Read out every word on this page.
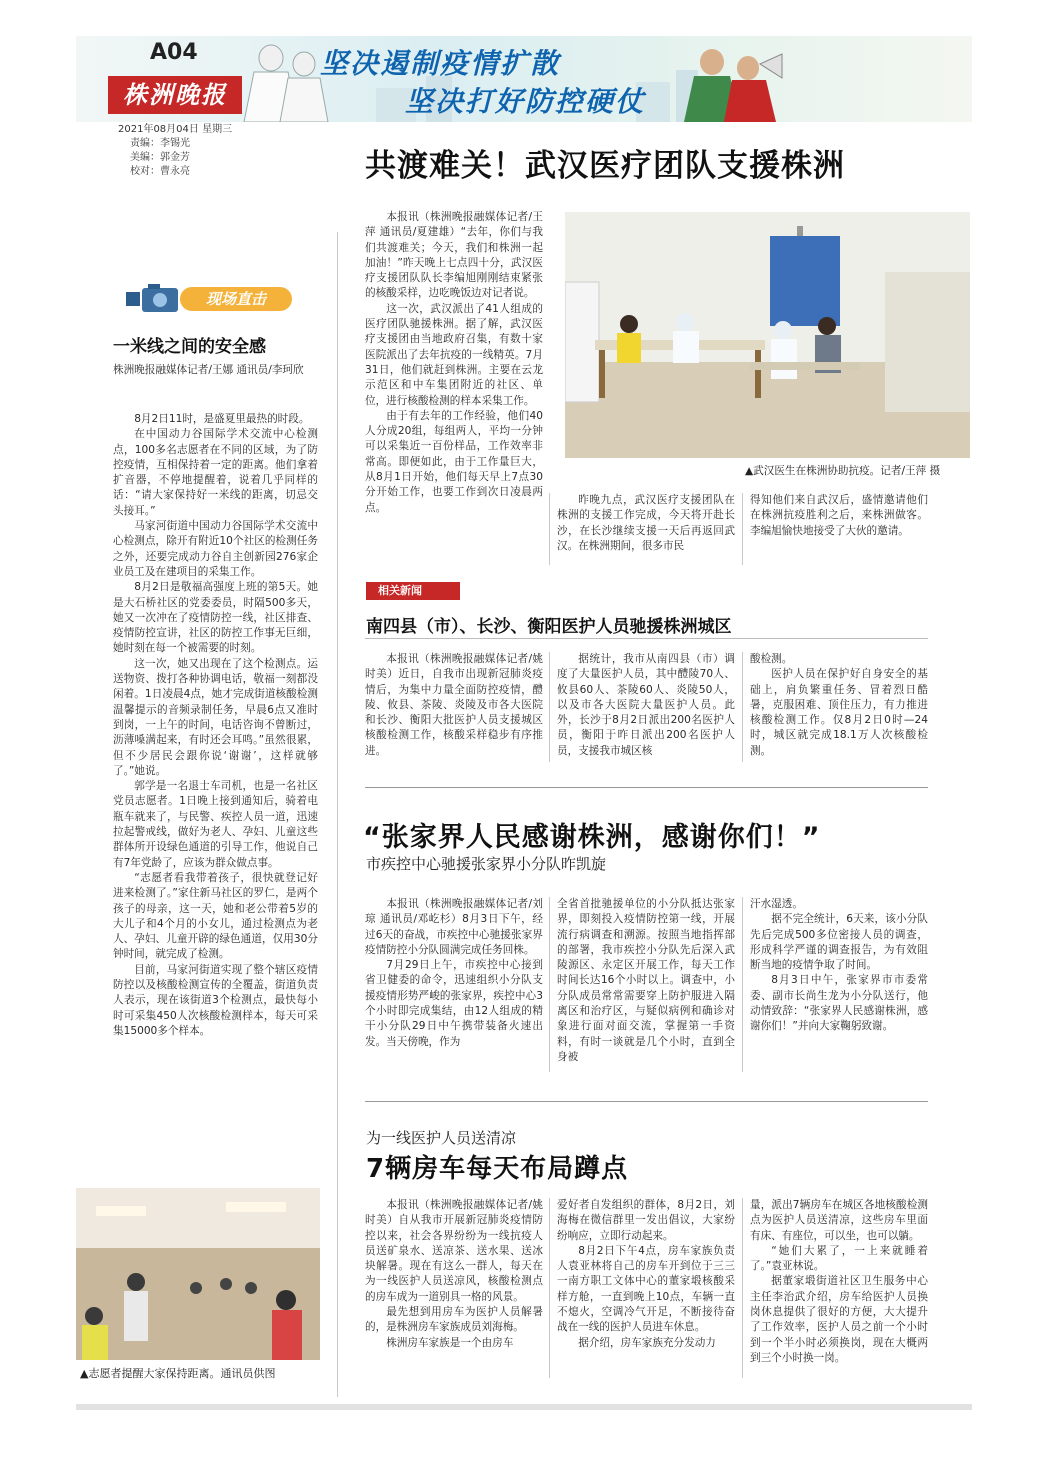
A04
株洲晚报
坚决遏制疫情扩散
坚决打好防控硬仗
2021年08月04日 星期三
责编：李锡光
美编：郭金芳
校对：曹永亮
现场直击
一米线之间的安全感
株洲晚报融媒体记者/王娜 通讯员/李珂欣

8月2日11时，是盛夏里最热的时段。

在中国动力谷国际学术交流中心检测点，100多名志愿者在不同的区域，为了防控疫情，互相保持着一定的距离。他们拿着扩音器，不停地提醒着，说着几乎同样的话：“请大家保持好一米线的距离，切忌交头接耳。”

马家河街道中国动力谷国际学术交流中心检测点，除开有附近10个社区的检测任务之外，还要完成动力谷自主创新园276家企业员工及在建项目的采集工作。

8月2日是敬福高强度上班的第5天。她是大石桥社区的党委委员，时隔500多天，她又一次冲在了疫情防控一线，社区排查、疫情防控宣讲，社区的防控工作事无巨细，她时刻在每一个被需要的时刻。

这一次，她又出现在了这个检测点。运送物资、拨打各种协调电话，敬福一刻都没闲着。1日凌晨4点，她才完成街道核酸检测温馨提示的音频录制任务，早晨6点又准时到岗，一上午的时间，电话咨询不曾断过，沥薄嗓满起来，有时还会耳鸣。”虽然很累，但不少居民会跟你说‘谢谢’，这样就够了。”她说。

郭学是一名退士车司机，也是一名社区党员志愿者。1日晚上接到通知后，骑着电瓶车就来了，与民警、疾控人员一道，迅速拉起警戒线，做好为老人、孕妇、儿童这些群体所开设绿色通道的引导工作，他说自己有7年党龄了，应该为群众做点事。

“志愿者看我带着孩子，很快就登记好进来检测了。”家住新马社区的罗仁，是两个孩子的母亲，这一天，她和老公带着5岁的大儿子和4个月的小女儿，通过检测点为老人、孕妇、儿童开辟的绿色通道，仅用30分钟时间，就完成了检测。

目前，马家河街道实现了整个辖区疫情防控以及核酸检测宣传的全覆盖，街道负责人表示，现在该街道3个检测点，最快每小时可采集450人次核酸检测样本，每天可采集15000多个样本。

▲志愿者提醒大家保持距离。通讯员供图
共渡难关！武汉医疗团队支援株洲

本报讯（株洲晚报融媒体记者/王萍 通讯员/夏建雄）“去年，你们与我们共渡难关；今天，我们和株洲一起加油！”昨天晚上七点四十分，武汉医疗支援团队队长李编旭刚刚结束紧张的核酸采样，边吃晚饭边对记者说。

这一次，武汉派出了41人组成的医疗团队驰援株洲。据了解，武汉医疗支援团由当地政府召集，有数十家医院派出了去年抗疫的一线精英。7月31日，他们就赶到株洲。主要在云龙示范区和中车集团附近的社区、单位，进行核酸检测的样本采集工作。

由于有去年的工作经验，他们40人分成20组，每组两人，平均一分钟可以采集近一百份样品，工作效率非常高。即便如此，由于工作量巨大，从8月1日开始，他们每天早上7点30分开始工作，也要工作到次日凌晨两点。

▲武汉医生在株洲协助抗疫。记者/王萍 摄

昨晚九点，武汉医疗支援团队在株洲的支援工作完成，今天将开赴长沙，在长沙继续支援一天后再返回武汉。在株洲期间，很多市民

得知他们来自武汉后，盛情邀请他们在株洲抗疫胜利之后，来株洲做客。李编旭愉快地接受了大伙的邀请。

相关新闻
南四县（市）、长沙、衡阳医护人员驰援株洲城区

本报讯（株洲晚报融媒体记者/姚时美）近日，自我市出现新冠肺炎疫情后，为集中力量全面防控疫情，醴陵、攸县、茶陵、炎陵及市各大医院和长沙、衡阳大批医护人员支援城区核酸检测工作，核酸采样稳步有序推进。

据统计，我市从南四县（市）调度了大量医护人员，其中醴陵70人、攸县60人、茶陵60人、炎陵50人，以及市各大医院大量医护人员。此外，长沙于8月2日派出200名医护人员，衡阳于昨日派出200名医护人员，支援我市城区核

酸检测。

医护人员在保护好自身安全的基础上，肩负繁重任务、冒着烈日酷暑，克服困难、顶住压力，有力推进核酸检测工作。仅8月2日0时—24时，城区就完成18.1万人次核酸检测。

“张家界人民感谢株洲，感谢你们！”
市疾控中心驰援张家界小分队昨凯旋

本报讯（株洲晚报融媒体记者/刘琼 通讯员/邓屹杉）8月3日下午，经过6天的奋战，市疾控中心驰援张家界疫情防控小分队圆满完成任务回株。

7月29日上午，市疾控中心接到省卫健委的命令，迅速组织小分队支援疫情形势严峻的张家界，疾控中心3个小时即完成集结，由12人组成的精干小分队29日中午携带装备火速出发。当天傍晚，作为

全省首批驰援单位的小分队抵达张家界，即刻投入疫情防控第一线，开展流行病调查和溯源。按照当地指挥部的部署，我市疾控小分队先后深入武陵源区、永定区开展工作，每天工作时间长达16个小时以上。调查中，小分队成员常常需要穿上防护服进入隔离区和治疗区，与疑似病例和确诊对象进行面对面交流，掌握第一手资料，有时一谈就是几个小时，直到全身被

汗水湿透。

据不完全统计，6天来，该小分队先后完成500多位密接人员的调查，形成科学严谨的调查报告，为有效阻断当地的疫情争取了时间。

8月3日中午，张家界市市委常委、副市长尚生龙为小分队送行，他动情致辞：“张家界人民感谢株洲，感谢你们！”并向大家鞠躬致谢。

为一线医护人员送清凉
7辆房车每天布局蹲点

本报讯（株洲晚报融媒体记者/姚时美）自从我市开展新冠肺炎疫情防控以来，社会各界纷纷为一线抗疫人员送矿泉水、送凉茶、送水果、送冰块解暑。现在有这么一群人，每天在为一线医护人员送凉风，核酸检测点的房车成为一道别具一格的风景。

最先想到用房车为医护人员解暑的，是株洲房车家族成员刘海梅。

株洲房车家族是一个由房车

爱好者自发组织的群体，8月2日，刘海梅在微信群里一发出倡议，大家纷纷响应，立即行动起来。

8月2日下午4点，房车家族负责人袁亚林将自己的房车开到位于三三一南方职工文体中心的董家塅核酸采样方舱，一直到晚上10点，车辆一直不熄火，空调冷气开足，不断接待奋战在一线的医护人员进车休息。

据介绍，房车家族充分发动力

量，派出7辆房车在城区各地核酸检测点为医护人员送清凉，这些房车里面有床、有座位，可以坐，也可以躺。

“她们大累了，一上来就睡着了。”袁亚林说。

据董家塅街道社区卫生服务中心主任李治武介绍，房车给医护人员换岗休息提供了很好的方便，大大提升了工作效率，医护人员之前一个小时到一个半小时必须换岗，现在大概两到三个小时换一岗。
